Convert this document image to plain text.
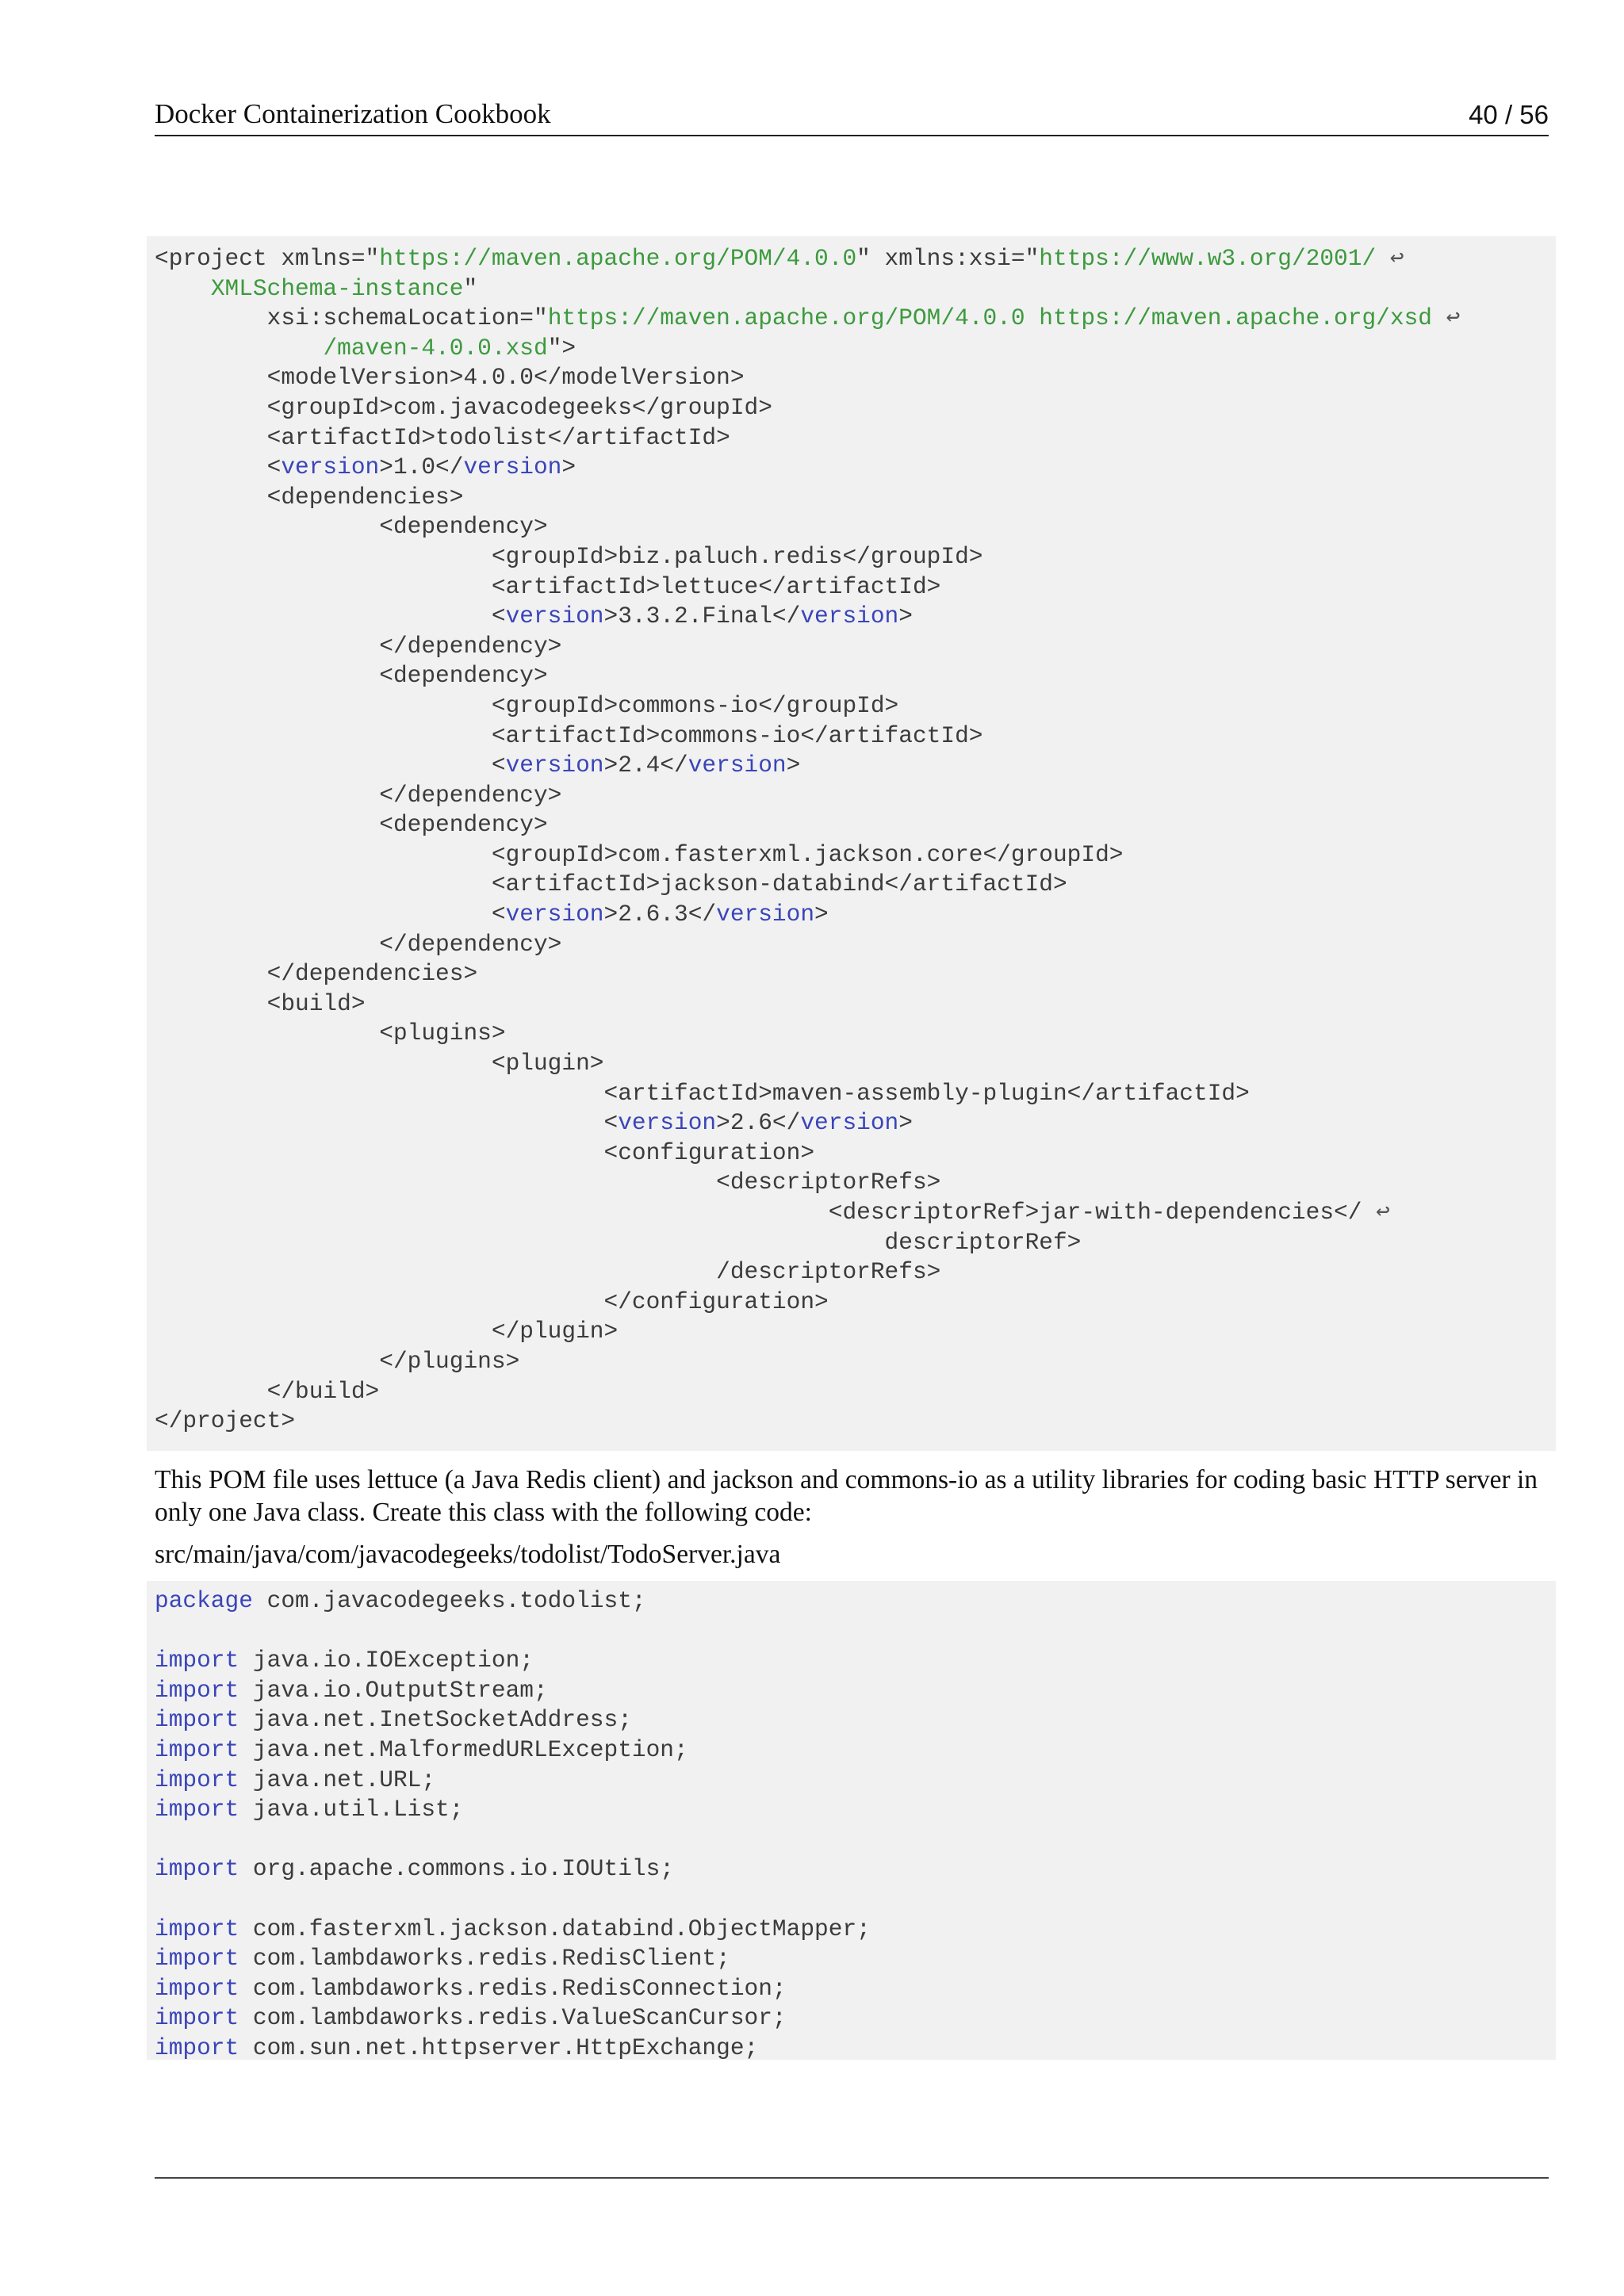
Docker Containerization Cookbook	40 / 56
<project xmlns="https://maven.apache.org/POM/4.0.0" xmlns:xsi="https://www.w3.org/2001/ ↩
XMLSchema-instance"
xsi:schemaLocation="https://maven.apache.org/POM/4.0.0 https://maven.apache.org/xsd ↩
/maven-4.0.0.xsd">
<modelVersion>4.0.0</modelVersion>
<groupId>com.javacodegeeks</groupId>
<artifactId>todolist</artifactId>
<version>1.0</version>
<dependencies>
<dependency>
<groupId>biz.paluch.redis</groupId>
<artifactId>lettuce</artifactId>
<version>3.3.2.Final</version>
</dependency>
<dependency>
<groupId>commons-io</groupId>
<artifactId>commons-io</artifactId>
<version>2.4</version>
</dependency>
<dependency>
<groupId>com.fasterxml.jackson.core</groupId>
<artifactId>jackson-databind</artifactId>
<version>2.6.3</version>
</dependency>
</dependencies>
<build>
<plugins>
<plugin>
<artifactId>maven-assembly-plugin</artifactId>
<version>2.6</version>
<configuration>
<descriptorRefs>
<descriptorRef>jar-with-dependencies</ ↩
descriptorRef>
/descriptorRefs>
</configuration>
</plugin>
</plugins>
</build>
</project>
This POM file uses lettuce (a Java Redis client) and jackson and commons-io as a utility libraries for coding basic HTTP server in only one Java class. Create this class with the following code:
src/main/java/com/javacodegeeks/todolist/TodoServer.java
package com.javacodegeeks.todolist;
import java.io.IOException;
import java.io.OutputStream;
import java.net.InetSocketAddress;
import java.net.MalformedURLException;
import java.net.URL;
import java.util.List;
import org.apache.commons.io.IOUtils;
import com.fasterxml.jackson.databind.ObjectMapper;
import com.lambdaworks.redis.RedisClient;
import com.lambdaworks.redis.RedisConnection;
import com.lambdaworks.redis.ValueScanCursor;
import com.sun.net.httpserver.HttpExchange;
